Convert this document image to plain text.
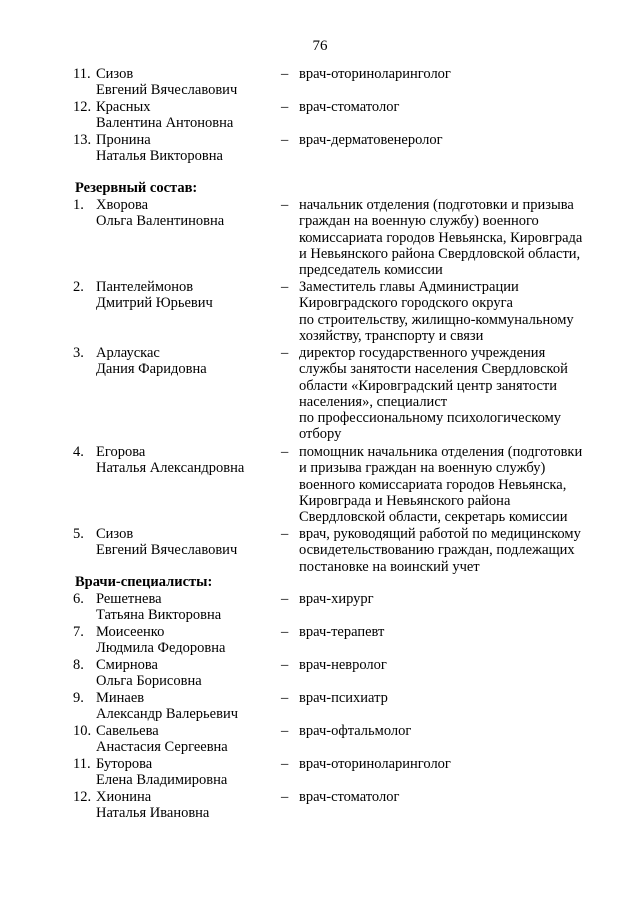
76
11. Сизов
Евгений Вячеславович
– врач-оториноларинголог
12. Красных
Валентина Антоновна
– врач-стоматолог
13. Пронина
Наталья Викторовна
– врач-дерматовенеролог
Резервный состав:
1. Хворова
Ольга Валентиновна
– начальник отделения (подготовки и призыва
граждан на военную службу) военного
комиссариата городов Невьянска, Кировграда
и Невьянского района Свердловской области,
председатель комиссии
2. Пантелеймонов
Дмитрий Юрьевич
– Заместитель главы Администрации
Кировградского городского округа
по строительству, жилищно-коммунальному
хозяйству, транспорту и связи
3. Арлаускас
Дания Фаридовна
– директор государственного учреждения
службы занятости населения Свердловской
области «Кировградский центр занятости
населения», специалист
по профессиональному психологическому
отбору
4. Егорова
Наталья Александровна
– помощник начальника отделения (подготовки
и призыва граждан на военную службу)
военного комиссариата городов Невьянска,
Кировграда и Невьянского района
Свердловской области, секретарь комиссии
5. Сизов
Евгений Вячеславович
– врач, руководящий работой по медицинскому
освидетельствованию граждан, подлежащих
постановке на воинский учет
Врачи-специалисты:
6. Решетнева
Татьяна Викторовна
– врач-хирург
7. Моисеенко
Людмила Федоровна
– врач-терапевт
8. Смирнова
Ольга Борисовна
– врач-невролог
9. Минаев
Александр Валерьевич
– врач-психиатр
10. Савельева
Анастасия Сергеевна
– врач-офтальмолог
11. Буторова
Елена Владимировна
– врач-оториноларинголог
12. Хионина
Наталья Ивановна
– врач-стоматолог
